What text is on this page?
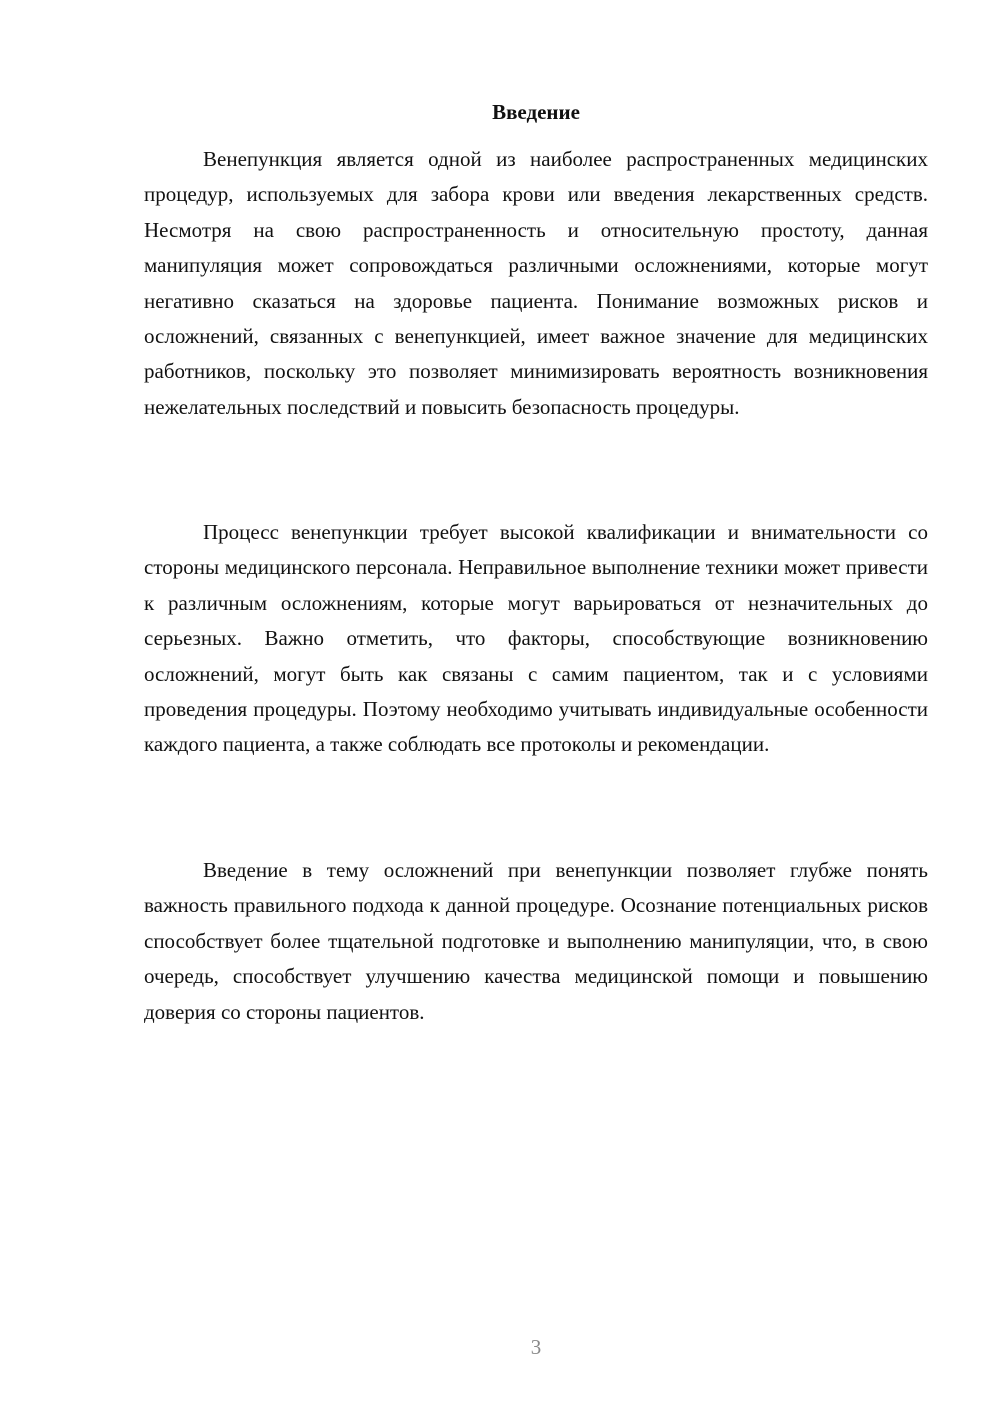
Введение

Венепункция является одной из наиболее распространенных медицинских процедур, используемых для забора крови или введения лекарственных средств. Несмотря на свою распространенность и относительную простоту, данная манипуляция может сопровождаться различными осложнениями, которые могут негативно сказаться на здоровье пациента. Понимание возможных рисков и осложнений, связанных с венепункцией, имеет важное значение для медицинских работников, поскольку это позволяет минимизировать вероятность возникновения нежелательных последствий и повысить безопасность процедуры.

Процесс венепункции требует высокой квалификации и внимательности со стороны медицинского персонала. Неправильное выполнение техники может привести к различным осложнениям, которые могут варьироваться от незначительных до серьезных. Важно отметить, что факторы, способствующие возникновению осложнений, могут быть как связаны с самим пациентом, так и с условиями проведения процедуры. Поэтому необходимо учитывать индивидуальные особенности каждого пациента, а также соблюдать все протоколы и рекомендации.

Введение в тему осложнений при венепункции позволяет глубже понять важность правильного подхода к данной процедуре. Осознание потенциальных рисков способствует более тщательной подготовке и выполнению манипуляции, что, в свою очередь, способствует улучшению качества медицинской помощи и повышению доверия со стороны пациентов.

3
